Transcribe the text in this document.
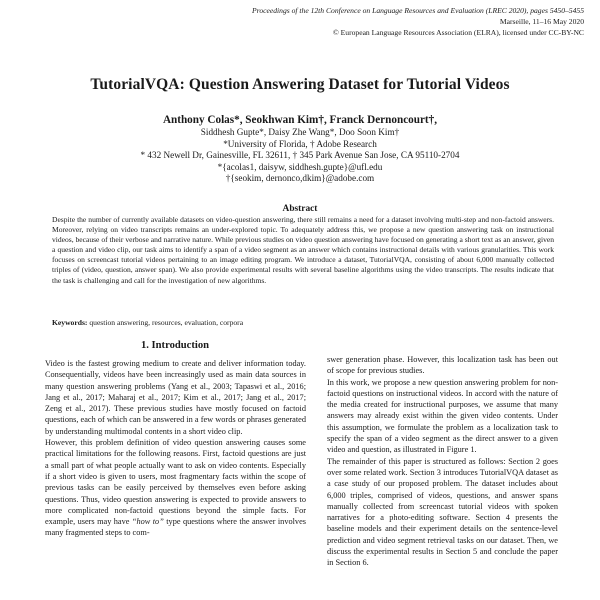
Proceedings of the 12th Conference on Language Resources and Evaluation (LREC 2020), pages 5450–5455
Marseille, 11–16 May 2020
© European Language Resources Association (ELRA), licensed under CC-BY-NC
TutorialVQA: Question Answering Dataset for Tutorial Videos
Anthony Colas*, Seokhwan Kim†, Franck Dernoncourt†,
Siddhesh Gupte*, Daisy Zhe Wang*, Doo Soon Kim†
*University of Florida, † Adobe Research
* 432 Newell Dr, Gainesville, FL 32611, † 345 Park Avenue San Jose, CA 95110-2704
*{acolas1, daisyw, siddhesh.gupte}@ufl.edu
†{seokim, dernonco,dkim}@adobe.com
Abstract
Despite the number of currently available datasets on video-question answering, there still remains a need for a dataset involving multi-step and non-factoid answers. Moreover, relying on video transcripts remains an under-explored topic. To adequately address this, we propose a new question answering task on instructional videos, because of their verbose and narrative nature. While previous studies on video question answering have focused on generating a short text as an answer, given a question and video clip, our task aims to identify a span of a video segment as an answer which contains instructional details with various granularities. This work focuses on screencast tutorial videos pertaining to an image editing program. We introduce a dataset, TutorialVQA, consisting of about 6,000 manually collected triples of (video, question, answer span). We also provide experimental results with several baseline algorithms using the video transcripts. The results indicate that the task is challenging and call for the investigation of new algorithms.
Keywords: question answering, resources, evaluation, corpora
1. Introduction

Video is the fastest growing medium to create and deliver information today. Consequentially, videos have been increasingly used as main data sources in many question answering problems (Yang et al., 2003; Tapaswi et al., 2016; Jang et al., 2017; Maharaj et al., 2017; Kim et al., 2017; Jang et al., 2017; Zeng et al., 2017). These previous studies have mostly focused on factoid questions, each of which can be answered in a few words or phrases generated by understanding multimodal contents in a short video clip.

However, this problem definition of video question answering causes some practical limitations for the following reasons. First, factoid questions are just a small part of what people actually want to ask on video contents. Especially if a short video is given to users, most fragmentary facts within the scope of previous tasks can be easily perceived by themselves even before asking questions. Thus, video question answering is expected to provide answers to more complicated non-factoid questions beyond the simple facts. For example, users may have “how to” type questions where the answer involves many fragmented steps to com-

swer generation phase. However, this localization task has been out of scope for previous studies.

In this work, we propose a new question answering problem for non-factoid questions on instructional videos. In accord with the nature of the media created for instructional purposes, we assume that many answers may already exist within the given video contents. Under this assumption, we formulate the problem as a localization task to specify the span of a video segment as the direct answer to a given video and question, as illustrated in Figure 1.

The remainder of this paper is structured as follows: Section 2 goes over some related work. Section 3 introduces TutorialVQA dataset as a case study of our proposed problem. The dataset includes about 6,000 triples, comprised of videos, questions, and answer spans manually collected from screencast tutorial videos with spoken narratives for a photo-editing software. Section 4 presents the baseline models and their experiment details on the sentence-level prediction and video segment retrieval tasks on our dataset. Then, we discuss the experimental results in Section 5 and conclude the paper in Section 6.
